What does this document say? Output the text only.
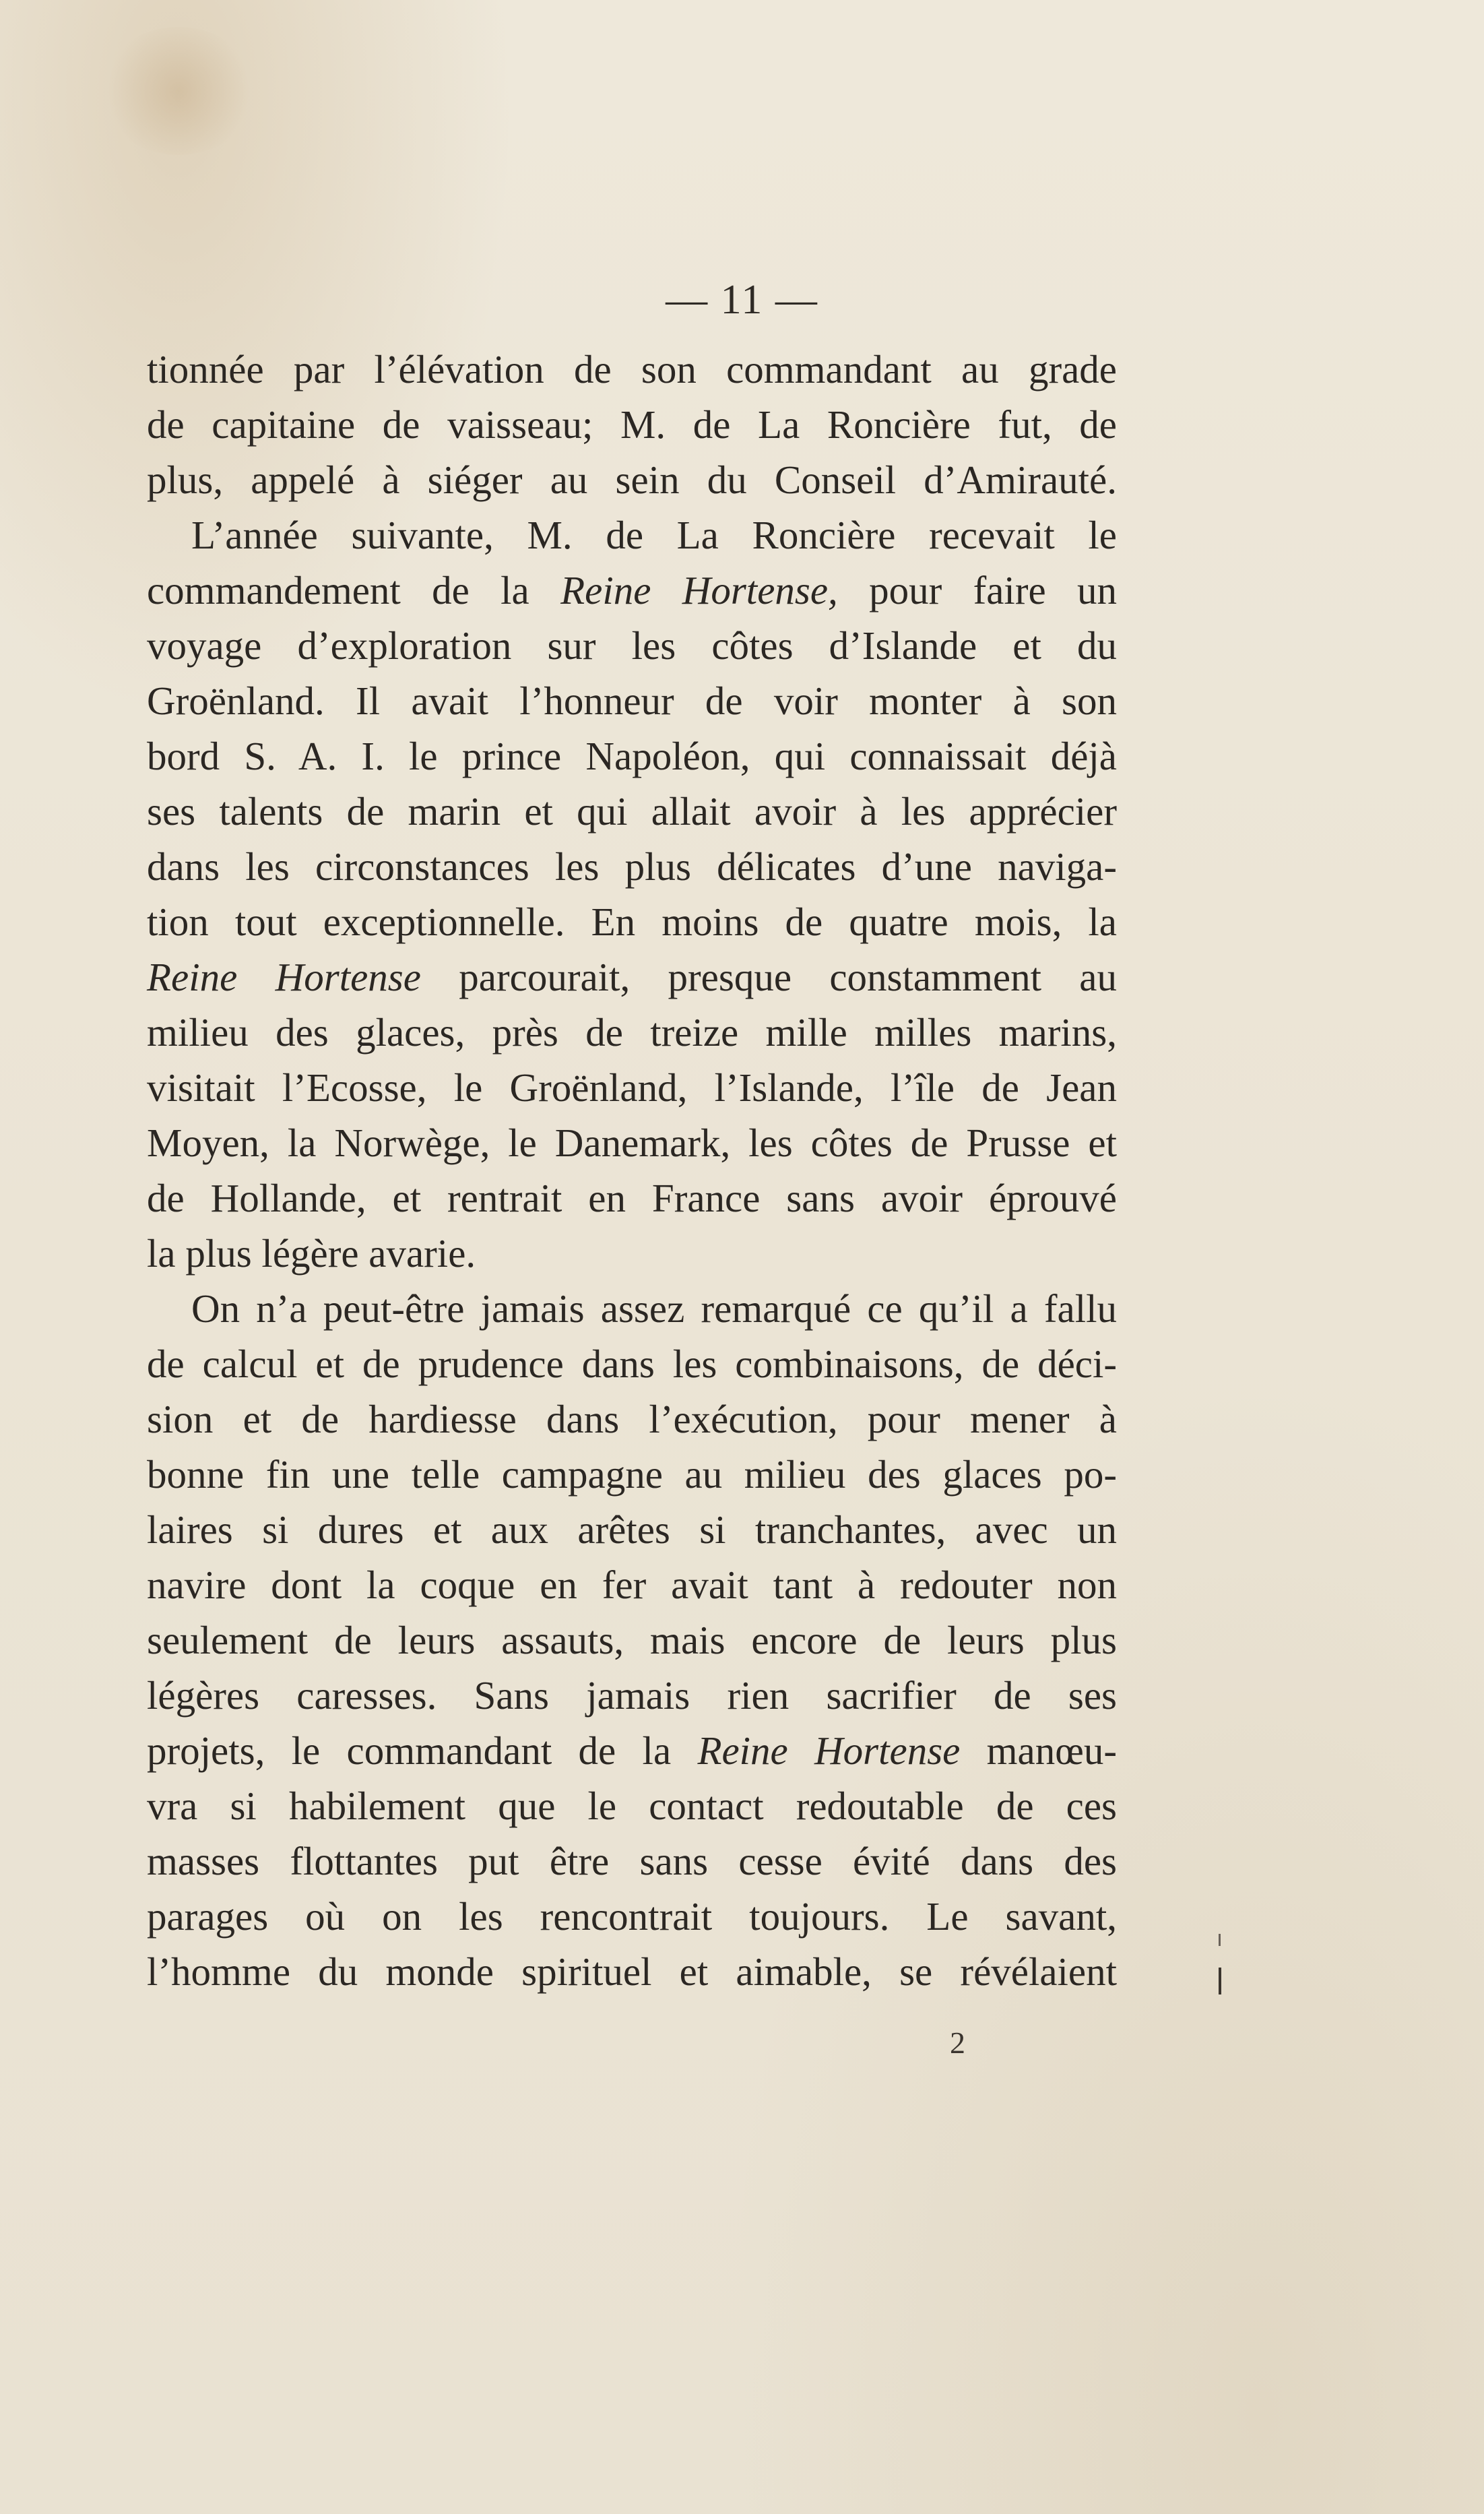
— 11 —
tionnée par l’élévation de son commandant au grade
de capitaine de vaisseau; M. de La Roncière fut, de
plus, appelé à siéger au sein du Conseil d’Amirauté.
L’année suivante, M. de La Roncière recevait le
commandement de la Reine Hortense, pour faire un
voyage d’exploration sur les côtes d’Islande et du
Groënland. Il avait l’honneur de voir monter à son
bord S. A. I. le prince Napoléon, qui connaissait déjà
ses talents de marin et qui allait avoir à les apprécier
dans les circonstances les plus délicates d’une naviga-
tion tout exceptionnelle. En moins de quatre mois, la
Reine Hortense parcourait, presque constamment au
milieu des glaces, près de treize mille milles marins,
visitait l’Ecosse, le Groënland, l’Islande, l’île de Jean
Moyen, la Norwège, le Danemark, les côtes de Prusse et
de Hollande, et rentrait en France sans avoir éprouvé
la plus légère avarie.
On n’a peut-être jamais assez remarqué ce qu’il a fallu
de calcul et de prudence dans les combinaisons, de déci-
sion et de hardiesse dans l’exécution, pour mener à
bonne fin une telle campagne au milieu des glaces po-
laires si dures et aux arêtes si tranchantes, avec un
navire dont la coque en fer avait tant à redouter non
seulement de leurs assauts, mais encore de leurs plus
légères caresses. Sans jamais rien sacrifier de ses
projets, le commandant de la Reine Hortense manœu-
vra si habilement que le contact redoutable de ces
masses flottantes put être sans cesse évité dans des
parages où on les rencontrait toujours. Le savant,
l’homme du monde spirituel et aimable, se révélaient
2
